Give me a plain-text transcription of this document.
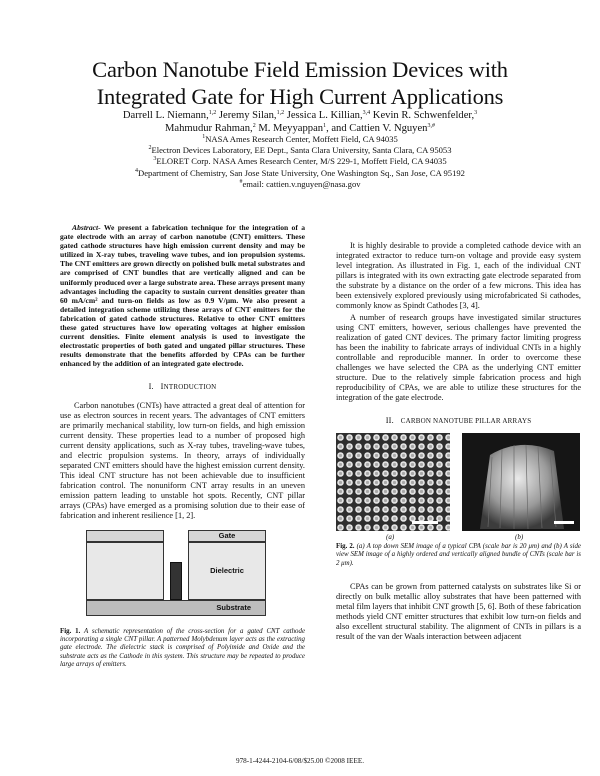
Carbon Nanotube Field Emission Devices with
Integrated Gate for High Current Applications
Darrell L. Niemann,$^{1,2}$ Jeremy Silan,$^{1,2}$ Jessica L. Killian,$^{3,4}$ Kevin R. Schwenfelder,$^3$
Mahmudur Rahman,$^2$ M. Meyyappan$^1$, and Cattien V. Nguyen$^{3,\#}$
$^1$NASA Ames Research Center, Moffett Field, CA 94035
$^2$Electron Devices Laboratory, EE Dept., Santa Clara University, Santa Clara, CA 95053
$^3$ELORET Corp. NASA Ames Research Center, M/S 229-1, Moffett Field, CA 94035
$^4$Department of Chemistry, San Jose State University, One Washington Sq., San Jose, CA 95192
#email: cattien.v.nguyen@nasa.gov

Abstract- We present a fabrication technique for the integration of a gate electrode with an array of carbon nanotube (CNT) emitters. These gated cathode structures have high emission current density and may be utilized in X-ray tubes, traveling wave tubes, and ion propulsion systems. The CNT emitters are grown directly on polished bulk metal substrates and are comprised of CNT bundles that are vertically aligned and can be uniformly produced over a large substrate area. These arrays present many advantages including the capacity to sustain current densities greater than 60 mA/cm² and turn-on fields as low as 0.9 V/μm. We also present a detailed integration scheme utilizing these arrays of CNT emitters for the fabrication of gated cathode structures. Relative to other CNT emitters these gated structures have low operating voltages at higher emission current densities. Finite element analysis is used to investigate the electrostatic properties of both gated and ungated pillar structures. These results demonstrate that the benefits afforded by CPAs can be further enhanced by the addition of an integrated gate electrode.

I. INTRODUCTION

Carbon nanotubes (CNTs) have attracted a great deal of attention for use as electron sources in recent years. The advantages of CNT emitters are primarily mechanical stability, low turn-on fields, and high emission current density. These properties lead to a number of proposed high current density applications, such as X-ray tubes, traveling-wave tubes, and electric propulsion systems. In theory, arrays of individually separated CNT emitters should have the highest emission current density. This ideal CNT structure has not been achievable due to insufficient fabrication control. The nonuniform CNT array results in an uneven emission pattern leading to unstable hot spots. Recently, CNT pillar arrays (CPAs) have emerged as a promising solution due to their ease of fabrication and inherent resilience [1, 2].

Gate
Dielectric
Substrate

Fig. 1. A schematic representation of the cross-section for a gated CNT cathode incorporating a single CNT pillar. A patterned Molybdenum layer acts as the extracting gate electrode. The dielectric stack is comprised of Polyimide and Oxide and the substrate acts as the Cathode in this system. This structure may be repeated to produce large arrays of emitters.

It is highly desirable to provide a completed cathode device with an integrated extractor to reduce turn-on voltage and provide easy system level integration. As illustrated in Fig. 1, each of the individual CNT pillars is integrated with its own extracting gate electrode separated from the substrate by a distance on the order of a few microns. This idea has been extensively explored previously using microfabricated Si cathodes, commonly know as Spindt Cathodes [3, 4].

A number of research groups have investigated similar structures using CNT emitters, however, serious challenges have prevented the realization of gated CNT devices. The primary factor limiting progress has been the inability to fabricate arrays of individual CNTs in a highly controllable and reproducible manner. In order to overcome these challenges we have selected the CPA as the underlying CNT emitter structure. Due to the relatively simple fabrication process and high reproducibility of CPAs, we are able to utilize these structures for the integration of the gate electrode.

II. CARBON NANOTUBE PILLAR ARRAYS
(a)	(b)

Fig. 2. (a) A top down SEM image of a typical CPA (scale bar is 20 μm) and (b) A side view SEM image of a highly ordered and vertically aligned bundle of CNTs (scale bar is 2 μm).

CPAs can be grown from patterned catalysts on substrates like Si or directly on bulk metallic alloy substrates that have been patterned with metal film layers that inhibit CNT growth [5, 6]. Both of these fabrication methods yield CNT emitter structures that exhibit low turn-on fields and also excellent structural stability. The alignment of CNTs in pillars is a result of the van der Waals interaction between adjacent

978-1-4244-2104-6/08/$25.00 ©2008 IEEE.
